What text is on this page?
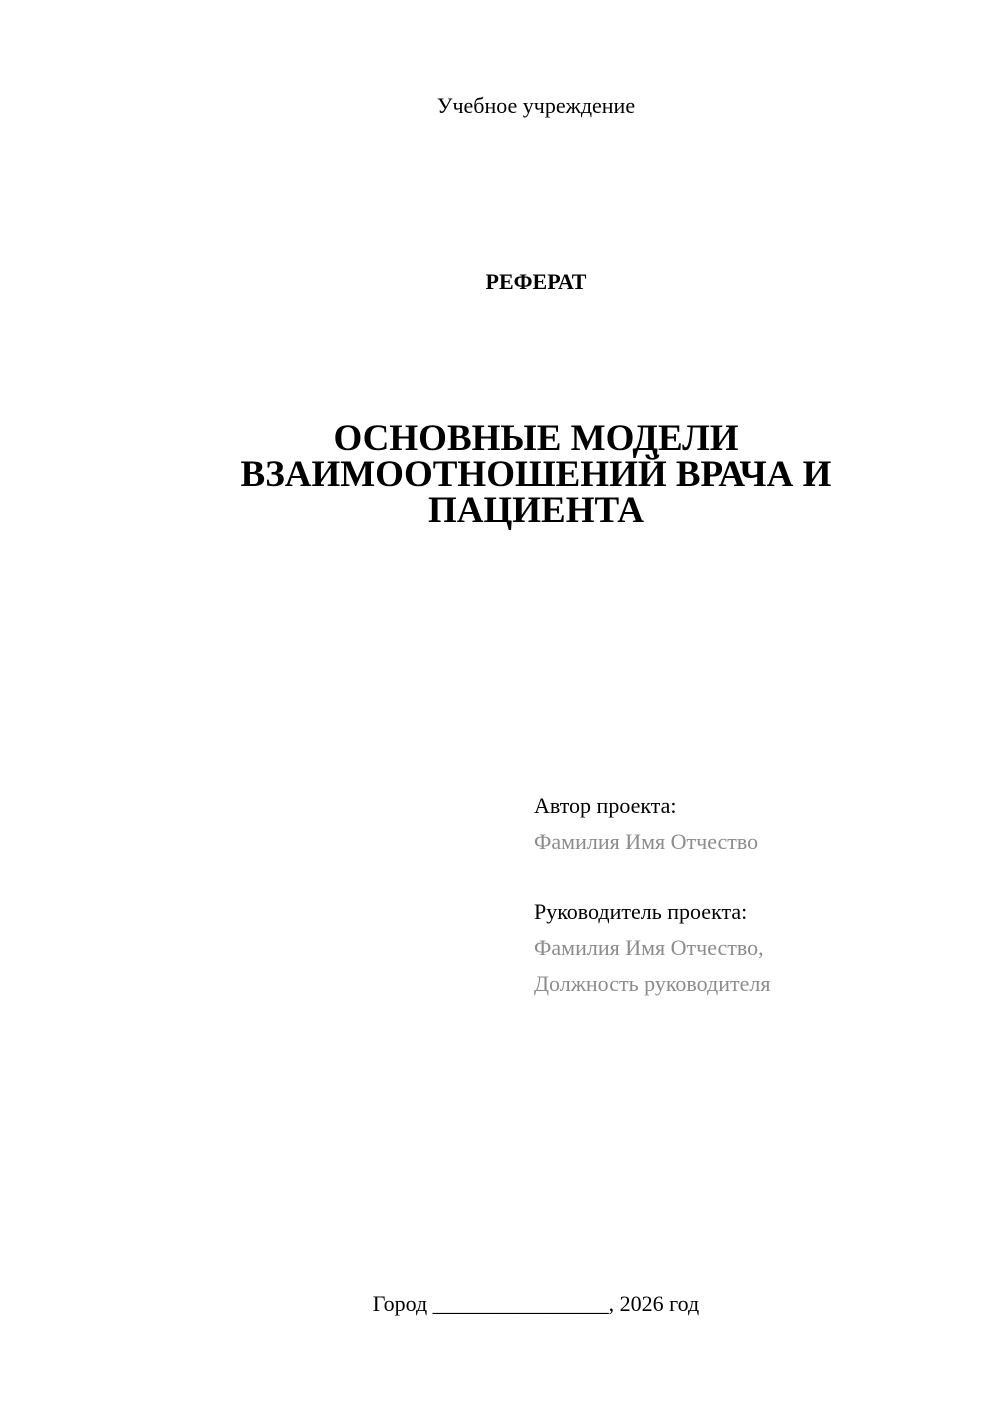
Учебное учреждение
РЕФЕРАТ
ОСНОВНЫЕ МОДЕЛИ
ВЗАИМООТНОШЕНИЙ ВРАЧА И
ПАЦИЕНТА
Автор проекта:
Фамилия Имя Отчество
Руководитель проекта:
Фамилия Имя Отчество,
Должность руководителя
Город ________________, 2026 год
